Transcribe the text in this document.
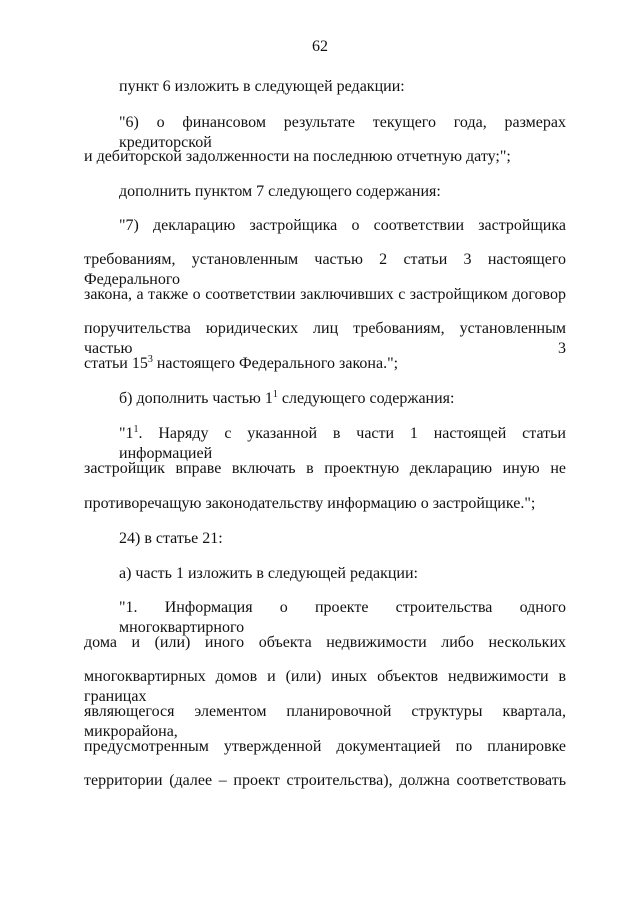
62

пункт 6 изложить в следующей редакции:

"6) о финансовом результате текущего года, размерах кредиторской

и дебиторской задолженности на последнюю отчетную дату;";

дополнить пунктом 7 следующего содержания:

"7) декларацию застройщика о соответствии застройщика

требованиям, установленным частью 2 статьи 3 настоящего Федерального

закона, а также о соответствии заключивших с застройщиком договор

поручительства юридических лиц требованиям, установленным частью 3

статьи $15^3$ настоящего Федерального закона.";

б) дополнить частью $1^1$ следующего содержания:

"$1^1$. Наряду с указанной в части 1 настоящей статьи информацией

застройщик вправе включать в проектную декларацию иную не

противоречащую законодательству информацию о застройщике.";

24) в статье 21:

а) часть 1 изложить в следующей редакции:

"1. Информация о проекте строительства одного многоквартирного

дома и (или) иного объекта недвижимости либо нескольких

многоквартирных домов и (или) иных объектов недвижимости в границах

являющегося элементом планировочной структуры квартала, микрорайона,

предусмотренным утвержденной документацией по планировке

территории (далее – проект строительства), должна соответствовать
